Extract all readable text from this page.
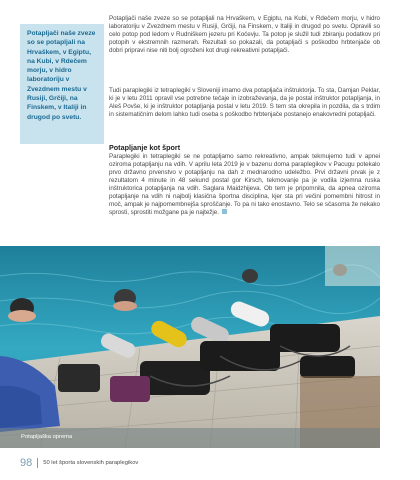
Potapljači naše zveze so se potapljali na Hrvaškem, v Egiptu, na Kubi, v Rdečem morju, v hidro laboratoriju v Zvezdnem mestu v Rusiji, Grčiji, na Finskem, v Italiji in drugod po svetu.

Potapljači naše zveze so se potapljali na Hrvaškem, v Egiptu, na Kubi, v Rdečem morju, v hidro laboratoriju v Zvezdnem mestu v Rusiji, Grčiji, na Finskem, v Italiji in drugod po svetu. Opravili so celo potop pod ledom v Rudniškem jezeru pri Kočevju. Ta potop je služil tudi zbiranju podatkov pri potopih v ekstremnih razmerah. Rezultati so pokazali, da potapljači s poškodbo hrbtenjače ob dobri pripravi nise niti bolj ogroženi kot drugi rekreativni potapljači.

Tudi paraplegiki iz tetraplegiki v Sloveniji imamo dva potapljača inštruktorja. To sta, Damjan Peklar, ki je v letu 2011 opravil vse potrebne tečaje in izobraževanja, da je postal inštruktor potapljanja, in Aleš Povše, ki je inštruktor potapljanja postal v letu 2019. S tem sta okrepila in pozdila, da s trdim in sistematičnim delom lahko tudi oseba s poškodbo hrbtenjače postanejo enakovredni potapljači.

Potapljanje kot šport

Paraplegiki in tetraplegiki se ne potapljamo samo rekreativno, ampak tekmujemo tudi v apnei oziroma potapljanju na vdih. V aprilu leta 2019 je v bazenu doma paraplegikov v Pacugu potekalo prvo državno prvenstvo v potapljanju na dah z mednarodno udeležbo. Prvi državni prvak je z rezultatom 4 minute in 48 sekund postal gor Kirsch, tekmovanje pa je vodila izjemna ruska inštruktorica potapljanja na vdih. Saglara Maidzhijeva. Ob tem je pripomnila, da apnea oziroma potapljanje na vdih ni najbolj klasična športna disciplina, kjer sta pri večini pomembni hitrost in moč, ampak je najpomembnejša sproščanje. To pa ni tako enostavno. Telo se sčasoma že nekako sprosti, sprostiti možgane pa je najtežje.

Potapljaška oprema
98 50 let športa slovenskih paraplegikov
